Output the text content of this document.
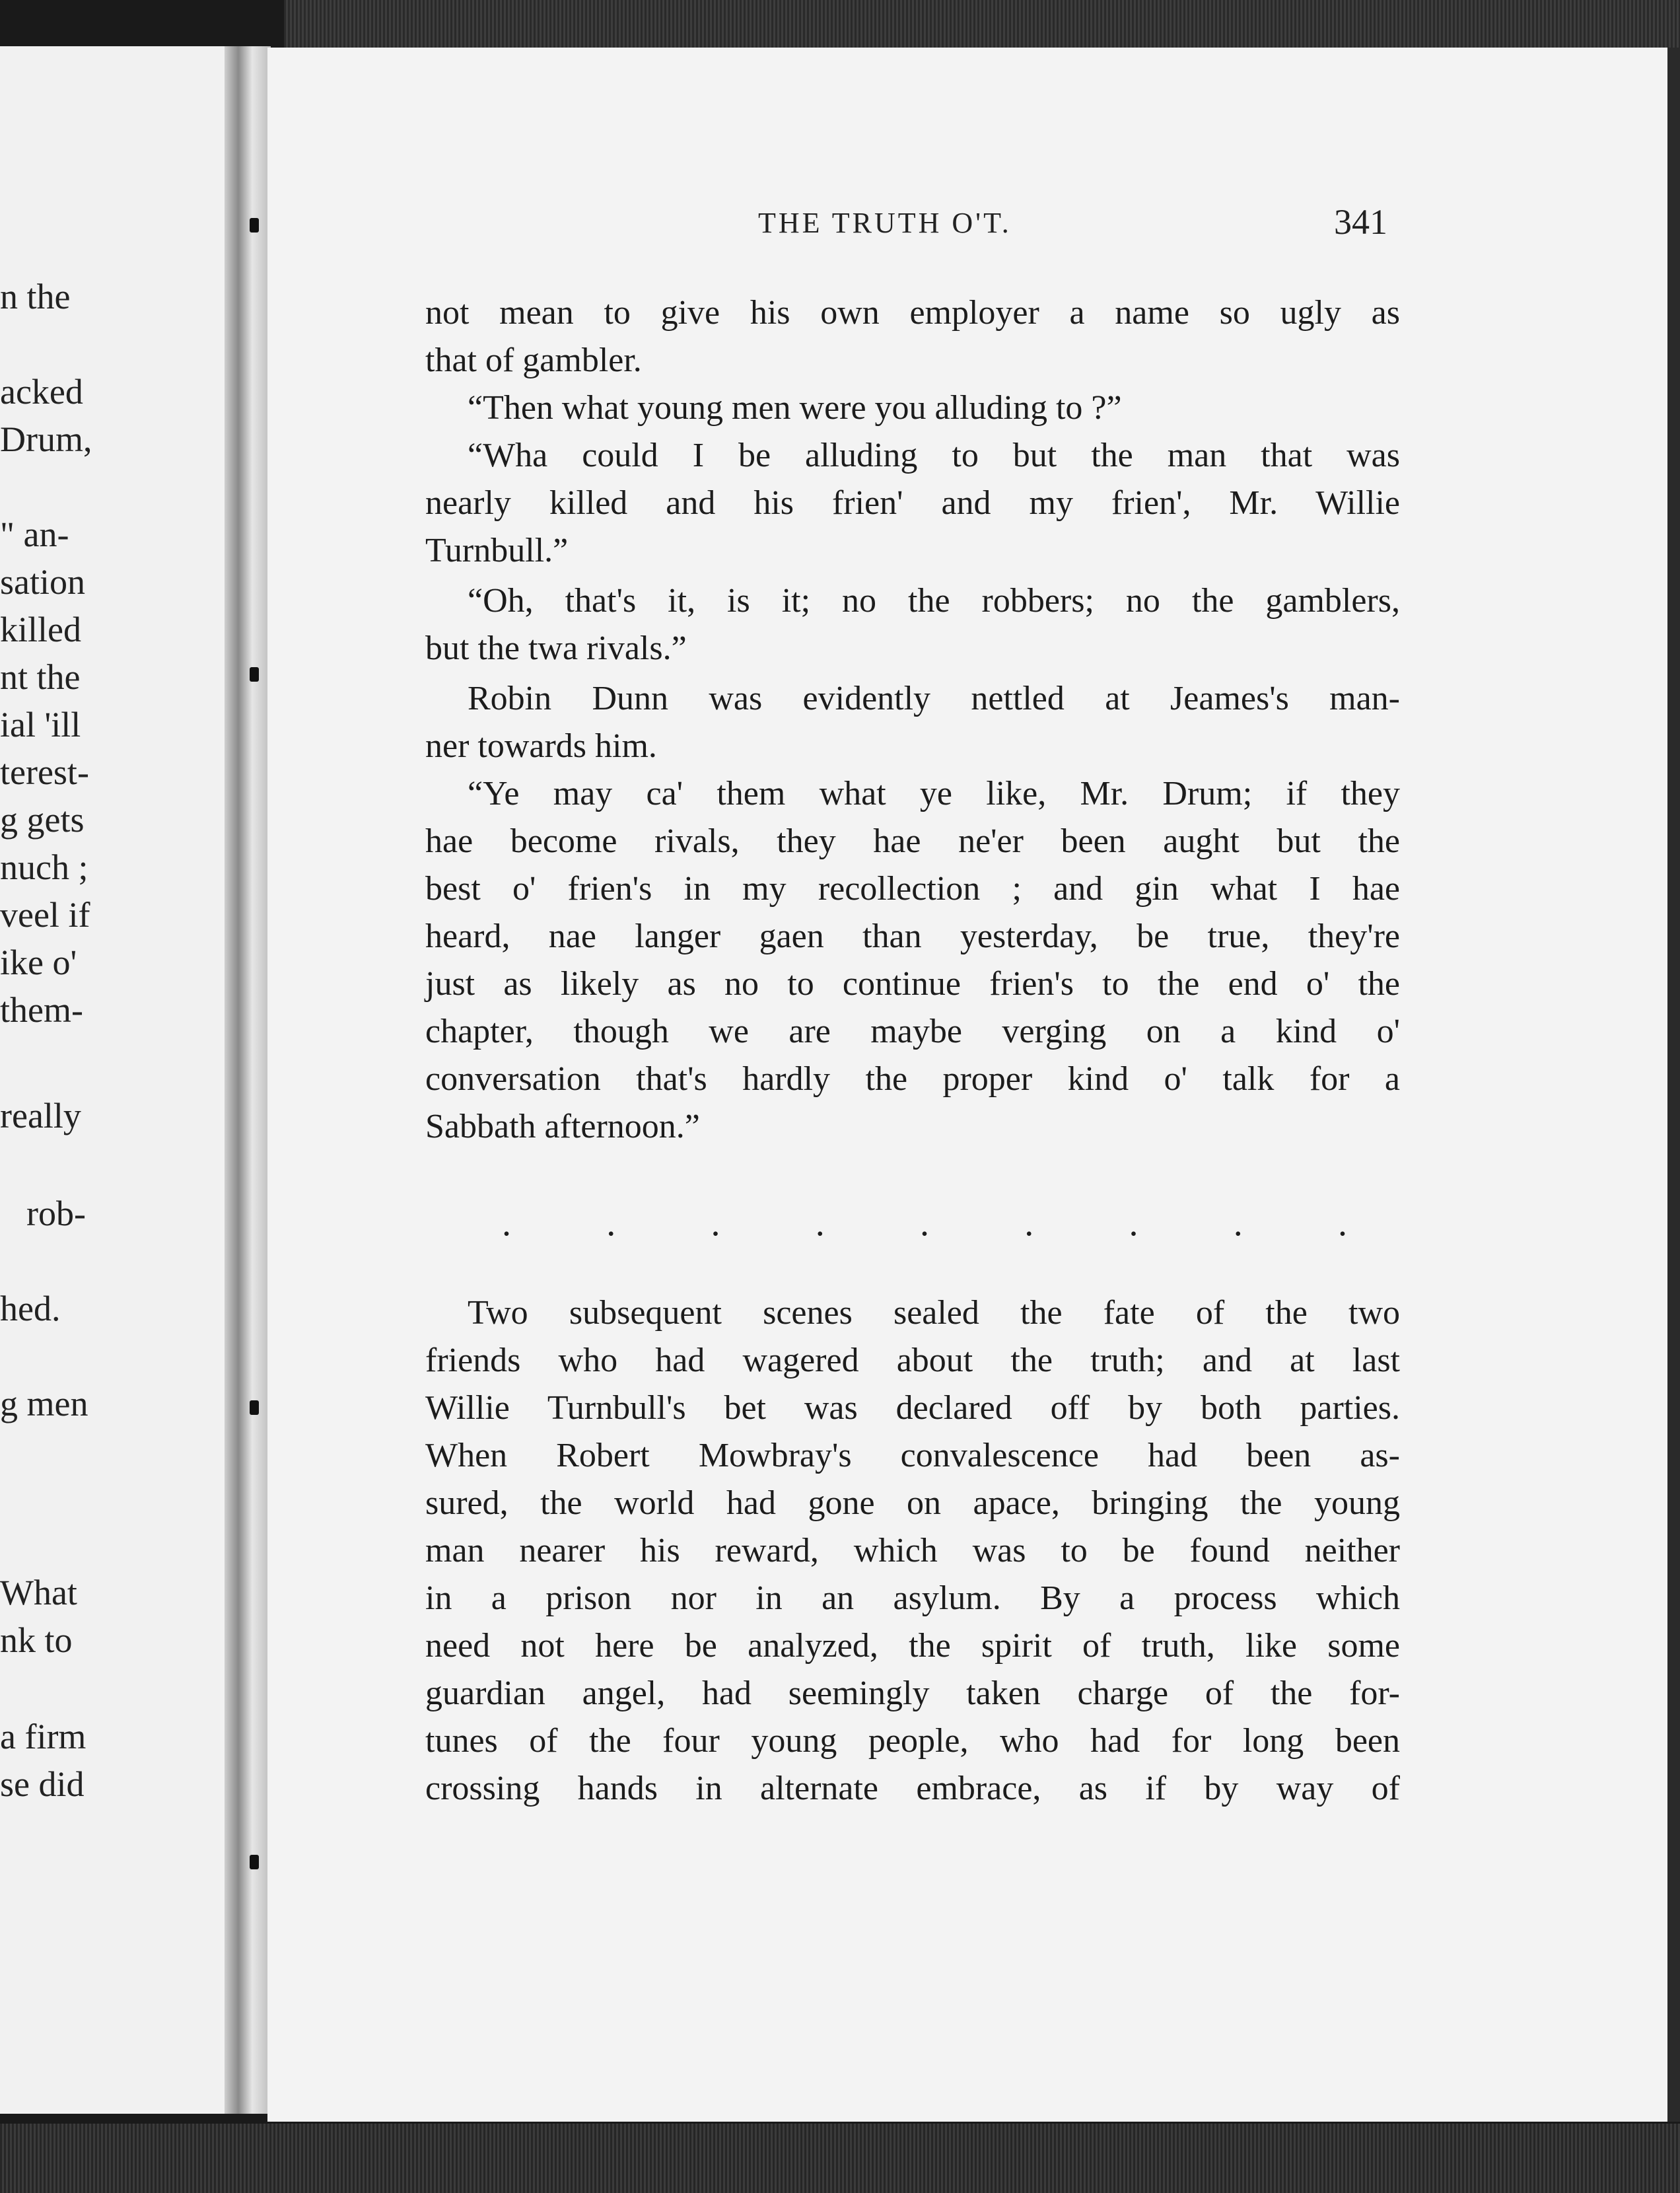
n the
acked
Drum,
" an-
sation
killed
nt the
ial 'ill
terest-
g gets
nuch ;
veel if
ike o'
them-
really
rob-
hed.
g men
What
nk to
a firm
se did
THE TRUTH O'T.	341
not mean to give his own employer a name so ugly as
that of gambler.
“Then what young men were you alluding to ?”
“Wha could I be alluding to but the man that was
nearly killed and his frien' and my frien', Mr. Willie
Turnbull.”
“Oh, that's it, is it; no the robbers; no the gamblers,
but the twa rivals.”
Robin Dunn was evidently nettled at Jeames's man-
ner towards him.
“Ye may ca' them what ye like, Mr. Drum; if they
hae become rivals, they hae ne'er been aught but the
best o' frien's in my recollection ; and gin what I hae
heard, nae langer gaen than yesterday, be true, they're
just as likely as no to continue frien's to the end o' the
chapter, though we are maybe verging on a kind o'
conversation that's hardly the proper kind o' talk for a
Sabbath afternoon.”
.	.	.	.	.	.	.	.	.
Two subsequent scenes sealed the fate of the two
friends who had wagered about the truth; and at last
Willie Turnbull's bet was declared off by both parties.
When Robert Mowbray's convalescence had been as-
sured, the world had gone on apace, bringing the young
man nearer his reward, which was to be found neither
in a prison nor in an asylum. By a process which
need not here be analyzed, the spirit of truth, like some
guardian angel, had seemingly taken charge of the for-
tunes of the four young people, who had for long been
crossing hands in alternate embrace, as if by way of
